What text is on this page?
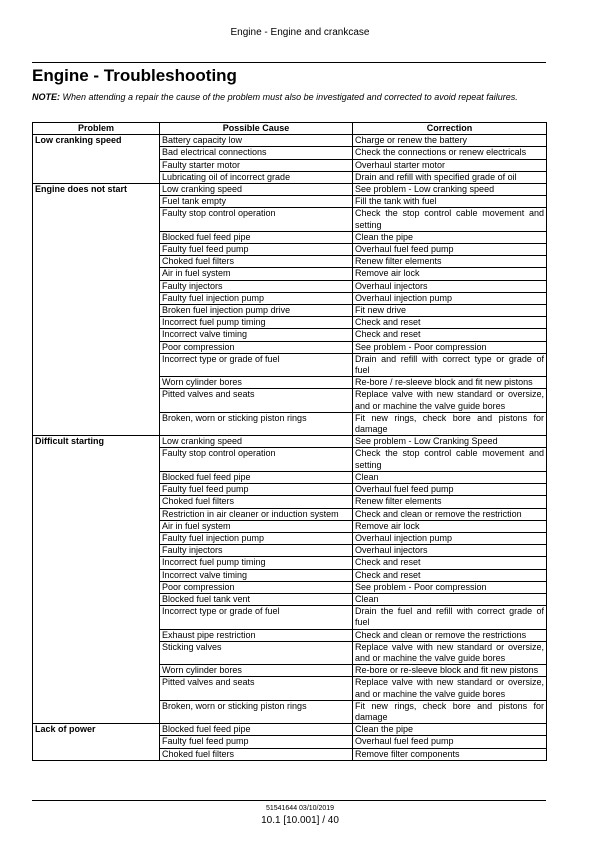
Engine - Engine and crankcase
Engine - Troubleshooting
NOTE: When attending a repair the cause of the problem must also be investigated and corrected to avoid repeat failures.
Problem	Possible Cause	Correction
Low cranking speed	Battery capacity low	Charge or renew the battery
	Bad electrical connections	Check the connections or renew electricals
	Faulty starter motor	Overhaul starter motor
	Lubricating oil of incorrect grade	Drain and refill with specified grade of oil
Engine does not start	Low cranking speed	See problem - Low cranking speed
	Fuel tank empty	Fill the tank with fuel
	Faulty stop control operation	Check the stop control cable movement and setting
	Blocked fuel feed pipe	Clean the pipe
	Faulty fuel feed pump	Overhaul fuel feed pump
	Choked fuel filters	Renew filter elements
	Air in fuel system	Remove air lock
	Faulty injectors	Overhaul injectors
	Faulty fuel injection pump	Overhaul injection pump
	Broken fuel injection pump drive	Fit new drive
	Incorrect fuel pump timing	Check and reset
	Incorrect valve timing	Check and reset
	Poor compression	See problem - Poor compression
	Incorrect type or grade of fuel	Drain and refill with correct type or grade of fuel
	Worn cylinder bores	Re-bore / re-sleeve block and fit new pistons
	Pitted valves and seats	Replace valve with new standard or oversize, and or machine the valve guide bores
	Broken, worn or sticking piston rings	Fit new rings, check bore and pistons for damage
Difficult starting	Low cranking speed	See problem - Low Cranking Speed
	Faulty stop control operation	Check the stop control cable movement and setting
	Blocked fuel feed pipe	Clean
	Faulty fuel feed pump	Overhaul fuel feed pump
	Choked fuel filters	Renew filter elements
	Restriction in air cleaner or induction system	Check and clean or remove the restriction
	Air in fuel system	Remove air lock
	Faulty fuel injection pump	Overhaul injection pump
	Faulty injectors	Overhaul injectors
	Incorrect fuel pump timing	Check and reset
	Incorrect valve timing	Check and reset
	Poor compression	See problem - Poor compression
	Blocked fuel tank vent	Clean
	Incorrect type or grade of fuel	Drain the fuel and refill with correct grade of fuel
	Exhaust pipe restriction	Check and clean or remove the restrictions
	Sticking valves	Replace valve with new standard or oversize, and or machine the valve guide bores
	Worn cylinder bores	Re-bore or re-sleeve block and fit new pistons
	Pitted valves and seats	Replace valve with new standard or oversize, and or machine the valve guide bores
	Broken, worn or sticking piston rings	Fit new rings, check bore and pistons for damage
Lack of power	Blocked fuel feed pipe	Clean the pipe
	Faulty fuel feed pump	Overhaul fuel feed pump
	Choked fuel filters	Remove filter components
51541644 03/10/2019
10.1 [10.001] / 40
